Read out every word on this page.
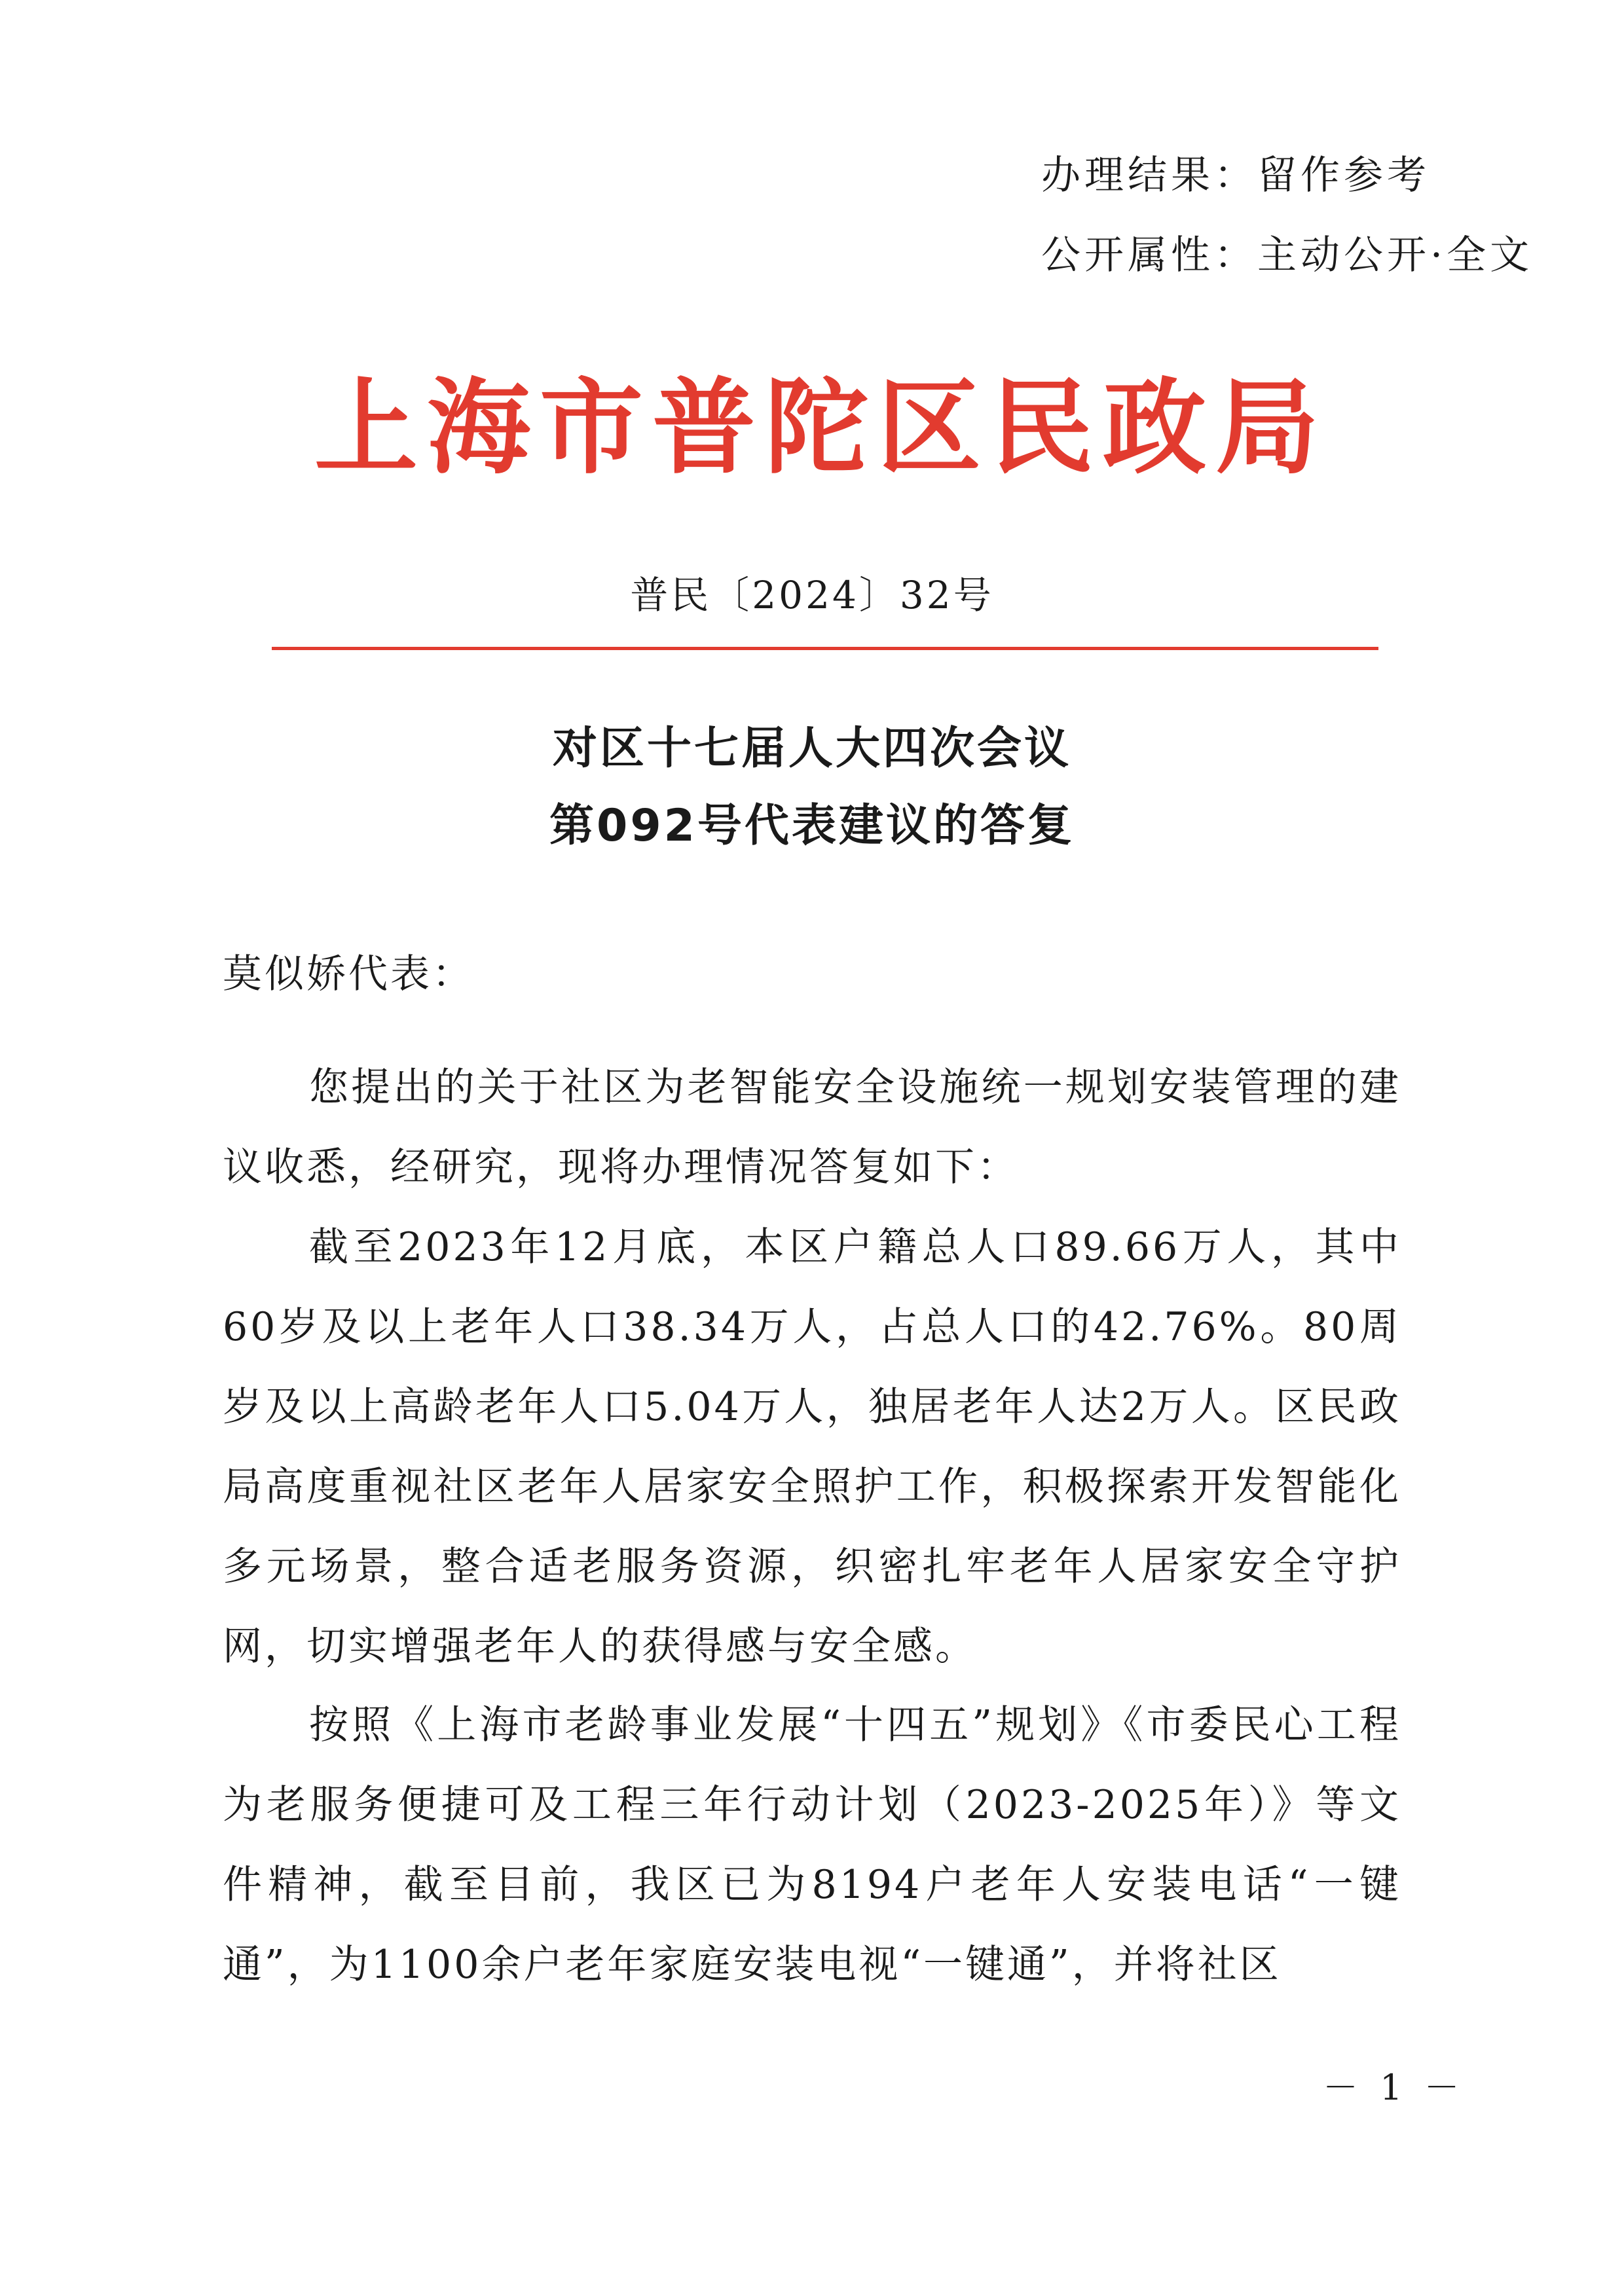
办理结果：留作参考
公开属性：主动公开·全文
上海市普陀区民政局
普民〔2024〕32号
对区十七届人大四次会议
第092号代表建议的答复
莫似娇代表：
您提出的关于社区为老智能安全设施统一规划安装管理的建议收悉，经研究，现将办理情况答复如下：
截至2023年12月底，本区户籍总人口89.66万人，其中60岁及以上老年人口38.34万人，占总人口的42.76%。80周岁及以上高龄老年人口5.04万人，独居老年人达2万人。区民政局高度重视社区老年人居家安全照护工作，积极探索开发智能化多元场景，整合适老服务资源，织密扎牢老年人居家安全守护网，切实增强老年人的获得感与安全感。
按照《上海市老龄事业发展“十四五”规划》《市委民心工程为老服务便捷可及工程三年行动计划（2023-2025年）》等文件精神，截至目前，我区已为8194户老年人安装电话“一键通”，为1100余户老年家庭安装电视“一键通”，并将社区
－ 1 －
